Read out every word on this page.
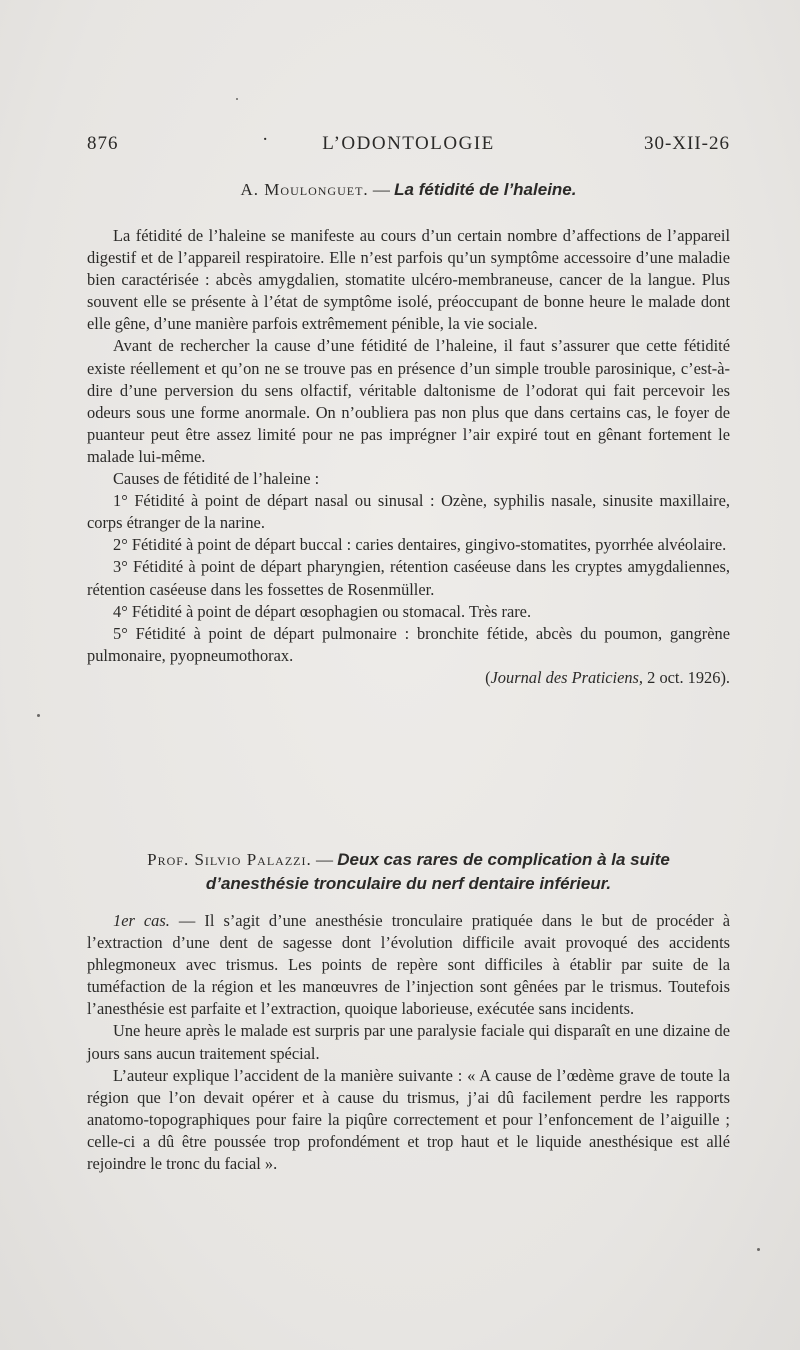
876	·	L’ODONTOLOGIE	30-XII-26
A. Moulonguet. — La fétidité de l’haleine.

La fétidité de l’haleine se manifeste au cours d’un certain nombre d’affections de l’appareil digestif et de l’appareil respiratoire. Elle n’est parfois qu’un symptôme accessoire d’une maladie bien caractérisée : abcès amygdalien, stomatite ulcéro-membraneuse, cancer de la langue. Plus souvent elle se présente à l’état de symptôme isolé, préoccupant de bonne heure le malade dont elle gêne, d’une manière parfois extrêmement pénible, la vie sociale.

Avant de rechercher la cause d’une fétidité de l’haleine, il faut s’assurer que cette fétidité existe réellement et qu’on ne se trouve pas en présence d’un simple trouble parosinique, c’est-à-dire d’une perversion du sens olfactif, véritable daltonisme de l’odorat qui fait percevoir les odeurs sous une forme anormale. On n’oubliera pas non plus que dans certains cas, le foyer de puanteur peut être assez limité pour ne pas imprégner l’air expiré tout en gênant fortement le malade lui-même.

Causes de fétidité de l’haleine :

1° Fétidité à point de départ nasal ou sinusal : Ozène, syphilis nasale, sinusite maxillaire, corps étranger de la narine.

2° Fétidité à point de départ buccal : caries dentaires, gingivo-stomatites, pyorrhée alvéolaire.

3° Fétidité à point de départ pharyngien, rétention caséeuse dans les cryptes amygdaliennes, rétention caséeuse dans les fossettes de Rosenmüller.

4° Fétidité à point de départ œsophagien ou stomacal. Très rare.

5° Fétidité à point de départ pulmonaire : bronchite fétide, abcès du poumon, gangrène pulmonaire, pyopneumothorax.

(Journal des Praticiens, 2 oct. 1926).

Prof. Silvio Palazzi. — Deux cas rares de complication à la suite
d’anesthésie tronculaire du nerf dentaire inférieur.

1er cas. — Il s’agit d’une anesthésie tronculaire pratiquée dans le but de procéder à l’extraction d’une dent de sagesse dont l’évolution difficile avait provoqué des accidents phlegmoneux avec trismus. Les points de repère sont difficiles à établir par suite de la tuméfaction de la région et les manœuvres de l’injection sont gênées par le trismus. Toutefois l’anesthésie est parfaite et l’extraction, quoique laborieuse, exécutée sans incidents.

Une heure après le malade est surpris par une paralysie faciale qui disparaît en une dizaine de jours sans aucun traitement spécial.

L’auteur explique l’accident de la manière suivante : « A cause de l’œdème grave de toute la région que l’on devait opérer et à cause du trismus, j’ai dû facilement perdre les rapports anatomo-topographiques pour faire la piqûre correctement et pour l’enfoncement de l’aiguille ; celle-ci a dû être poussée trop profondément et trop haut et le liquide anesthésique est allé rejoindre le tronc du facial ».
